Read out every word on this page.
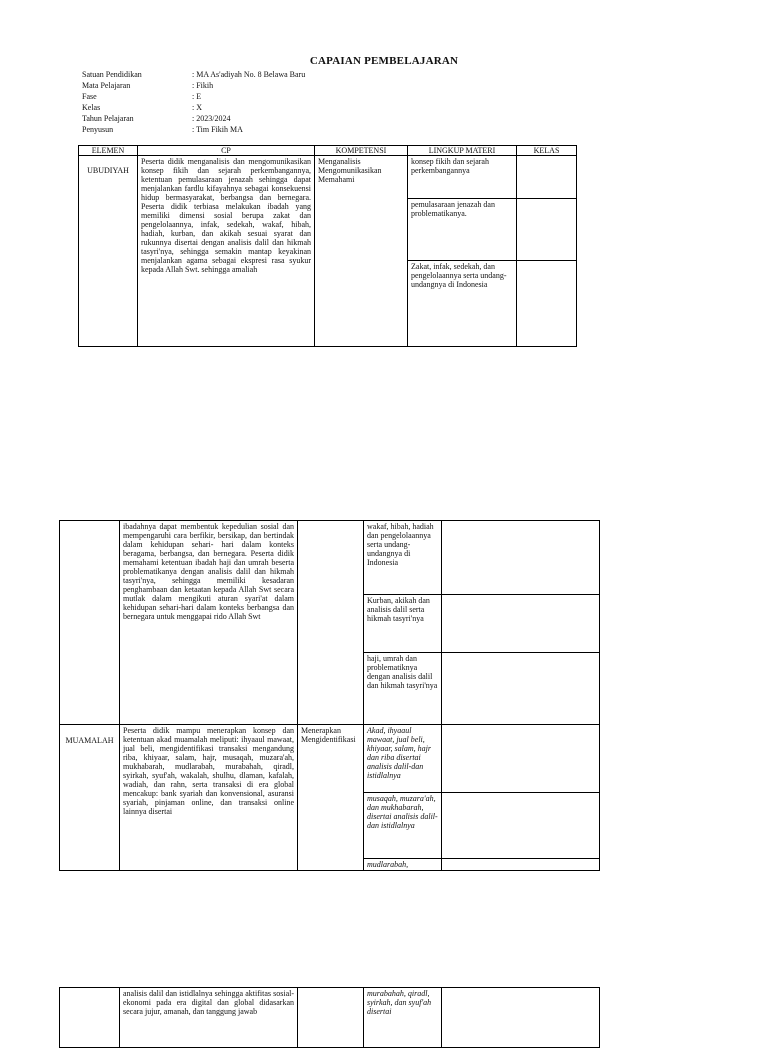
CAPAIAN PEMBELAJARAN
Satuan Pendidikan	: MA As'adiyah No. 8 Belawa Baru
Mata Pelajaran	: Fikih
Fase	: E
Kelas	: X
Tahun Pelajaran	: 2023/2024
Penyusun	: Tim Fikih MA
ELEMEN	CP	KOMPETENSI	LINGKUP MATERI	KELAS

UBUDIYAH	Peserta didik menganalisis dan mengomunikasikan konsep fikih dan sejarah perkembangannya, ketentuan pemulasaraan jenazah sehingga dapat menjalankan fardlu kifayahnya sebagai konsekuensi hidup bermasyarakat, berbangsa dan bernegara. Peserta didik terbiasa melakukan ibadah yang memiliki dimensi sosial berupa zakat dan pengelolaannya, infak, sedekah, wakaf, hibah, hadiah, kurban, dan akikah sesuai syarat dan rukunnya disertai dengan analisis dalil dan hikmah tasyri'nya, sehingga semakin mantap keyakinan menjalankan agama sebagai ekspresi rasa syukur kepada Allah Swt. sehingga amaliah	Menganalisis Mengomunikasikan Memahami	konsep fikih dan sejarah perkembangannya	
			pemulasaraan jenazah dan problematikanya.	
			Zakat, infak, sedekah, dan pengelolaannya serta undang-undangnya di Indonesia	
	ibadahnya dapat membentuk kepedulian sosial dan mempengaruhi cara berfikir, bersikap, dan bertindak dalam kehidupan sehari- hari dalam konteks beragama, berbangsa, dan bernegara. Peserta didik memahami ketentuan ibadah haji dan umrah beserta problematikanya dengan analisis dalil dan hikmah tasyri'nya, sehingga memiliki kesadaran penghambaan dan ketaatan kepada Allah Swt secara mutlak dalam mengikuti aturan syari'at dalam kehidupan sehari-hari dalam konteks berbangsa dan bernegara untuk menggapai rido Allah Swt		wakaf, hibah, hadiah dan pengelolaannya serta undang-undangnya di Indonesia	
			Kurban, akikah dan analisis dalil serta hikmah tasyri'nya	
			haji, umrah dan problematiknya dengan analisis dalil dan hikmah tasyri'nya	

MUAMALAH	Peserta didik mampu menerapkan konsep dan ketentuan akad muamalah meliputi: ihyaaul mawaat, jual beli, mengidentifikasi transaksi mengandung riba, khiyaar, salam, hajr, musaqah, muzara'ah, mukhabarah, mudlarabah, murabahah, qiradl, syirkah, syuf'ah, wakalah, shulhu, dlaman, kafalah, wadiah, dan rahn, serta transaksi di era global mencakup: bank syariah dan konvensional, asuransi syariah, pinjaman online, dan transaksi online lainnya disertai	Menerapkan Mengidentifikasi	Akad, ihyaaul mawaat, jual beli, khiyaar, salam, hajr dan riba disertai analisis dalil-dan istidlalnya	
			musaqah, muzara'ah, dan mukhabarah, disertai analisis dalil-dan istidlalnya	
			mudlarabah,	
	analisis dalil dan istidlalnya sehingga aktifitas sosial-ekonomi pada era digital dan global didasarkan secara jujur, amanah, dan tanggung jawab		murabahah, qiradl, syirkah, dan syuf'ah disertai	
